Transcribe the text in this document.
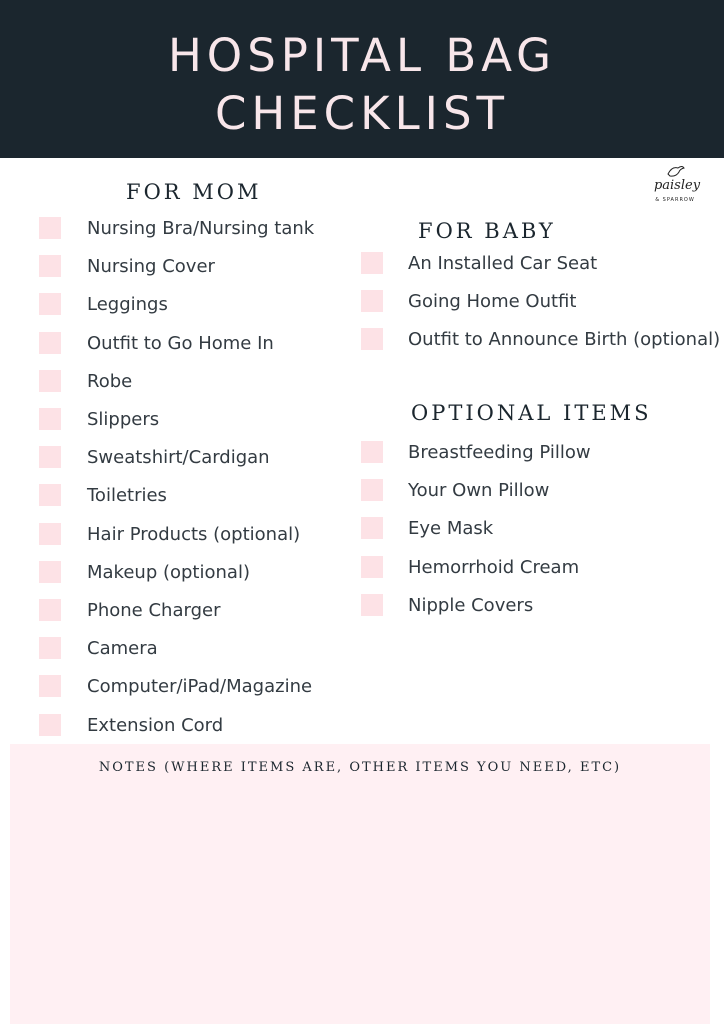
HOSPITAL BAG
CHECKLIST
paisley
& SPARROW
FOR MOM
Nursing Bra/Nursing tank
Nursing Cover
Leggings
Outfit to Go Home In
Robe
Slippers
Sweatshirt/Cardigan
Toiletries
Hair Products (optional)
Makeup (optional)
Phone Charger
Camera
Computer/iPad/Magazine
Extension Cord
FOR BABY
An Installed Car Seat
Going Home Outfit
Outfit to Announce Birth (optional)
OPTIONAL ITEMS
Breastfeeding Pillow
Your Own Pillow
Eye Mask
Hemorrhoid Cream
Nipple Covers
NOTES (WHERE ITEMS ARE, OTHER ITEMS YOU NEED, ETC)
